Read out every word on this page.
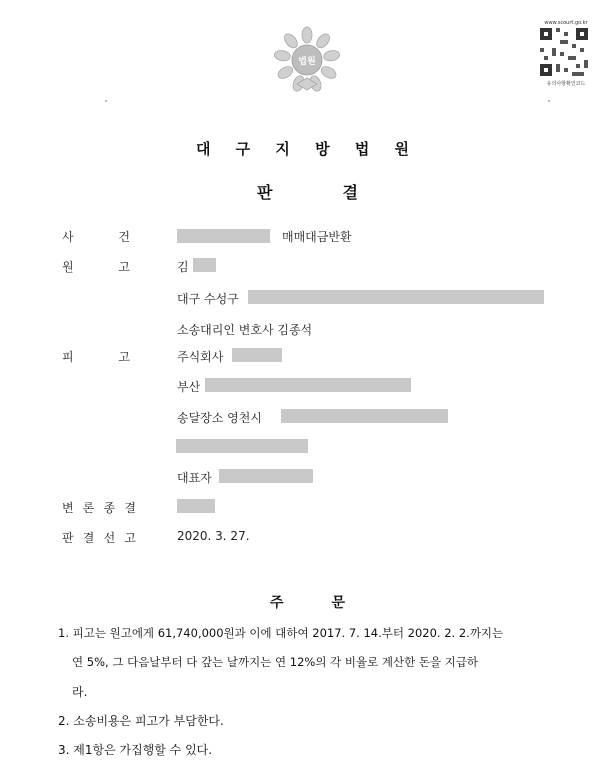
법원
www.scourt.go.kr
유의사항확인코드
대 구 지 방 법 원
판	결
사 건	매매대금반환
원 고	김
대구 수성구
소송대리인 변호사 김종석
피 고	주식회사
부산
송달장소 영천시
대표자
변 론 종 결
판 결 선 고	2020. 3. 27.
주	문
1. 피고는 원고에게 61,740,000원과 이에 대하여 2017. 7. 14.부터 2020. 2. 2.까지는
연 5%, 그 다음날부터 다 갚는 날까지는 연 12%의 각 비율로 계산한 돈을 지급하
라.
2. 소송비용은 피고가 부담한다.
3. 제1항은 가집행할 수 있다.
